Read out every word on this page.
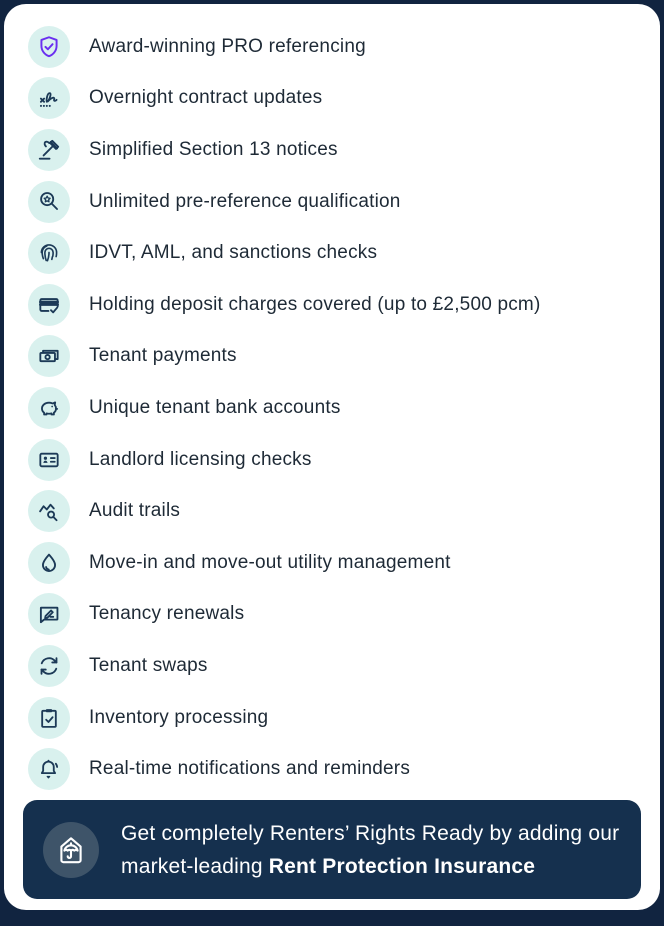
Award-winning PRO referencing
Overnight contract updates
Simplified Section 13 notices
Unlimited pre-reference qualification
IDVT, AML, and sanctions checks
Holding deposit charges covered (up to £2,500 pcm)
Tenant payments
Unique tenant bank accounts
Landlord licensing checks
Audit trails
Move-in and move-out utility management
Tenancy renewals
Tenant swaps
Inventory processing
Real-time notifications and reminders

Get completely Renters’ Rights Ready by adding our market-leading Rent Protection Insurance
